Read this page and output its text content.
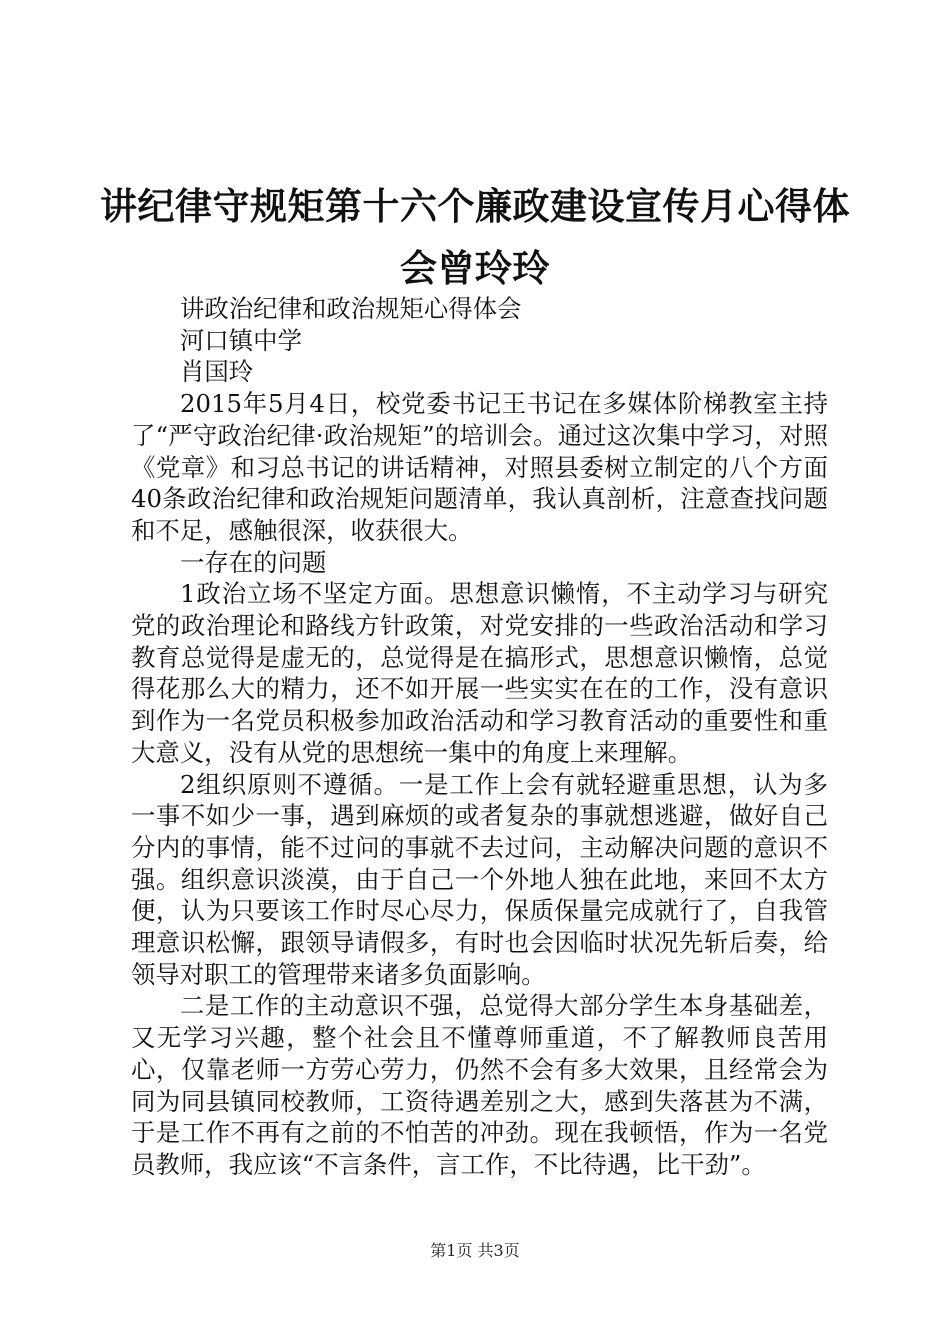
讲纪律守规矩第十六个廉政建设宣传月心得体
会曾玲玲

讲政治纪律和政治规矩心得体会

河口镇中学

肖国玲

2015年5月4日，校党委书记王书记在多媒体阶梯教室主持了“严守政治纪律·政治规矩”的培训会。通过这次集中学习，对照《党章》和习总书记的讲话精神，对照县委树立制定的八个方面40条政治纪律和政治规矩问题清单，我认真剖析，注意查找问题和不足，感触很深，收获很大。

一存在的问题

1政治立场不坚定方面。思想意识懒惰，不主动学习与研究党的政治理论和路线方针政策，对党安排的一些政治活动和学习教育总觉得是虚无的，总觉得是在搞形式，思想意识懒惰，总觉得花那么大的精力，还不如开展一些实实在在的工作，没有意识到作为一名党员积极参加政治活动和学习教育活动的重要性和重大意义，没有从党的思想统一集中的角度上来理解。

2组织原则不遵循。一是工作上会有就轻避重思想，认为多一事不如少一事，遇到麻烦的或者复杂的事就想逃避，做好自己分内的事情，能不过问的事就不去过问，主动解决问题的意识不强。组织意识淡漠，由于自己一个外地人独在此地，来回不太方便，认为只要该工作时尽心尽力，保质保量完成就行了，自我管理意识松懈，跟领导请假多，有时也会因临时状况先斩后奏，给领导对职工的管理带来诸多负面影响。

二是工作的主动意识不强，总觉得大部分学生本身基础差，又无学习兴趣，整个社会且不懂尊师重道，不了解教师良苦用心，仅靠老师一方劳心劳力，仍然不会有多大效果，且经常会为同为同县镇同校教师，工资待遇差别之大，感到失落甚为不满，于是工作不再有之前的不怕苦的冲劲。现在我顿悟，作为一名党员教师，我应该“不言条件，言工作，不比待遇，比干劲”。

第1页 共3页
